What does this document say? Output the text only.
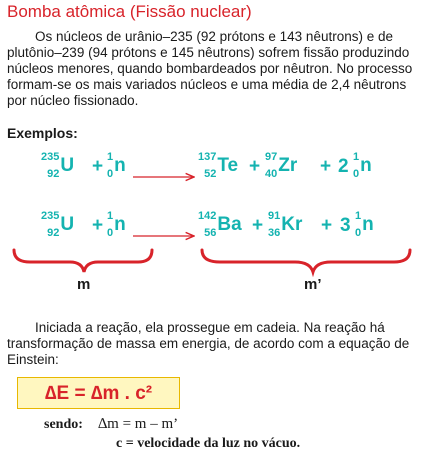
Bomba atômica (Fissão nuclear)
Os núcleos de urânio–235 (92 prótons e 143 nêutrons) e de plutônio–239 (94 prótons e 145 nêutrons) sofrem fissão produzindo núcleos menores, quando bombardeados por nêutron. No processo formam-se os mais variados núcleos e uma média de 2,4 nêutrons por núcleo fissionado.
Exemplos:
235
92 U + 1
0 n	137
52 Te + 97
40 Zr + 2 1
0 n
235
92 U + 1
0 n	142
56 Ba + 91
36 Kr + 3 1
0 n
m	m’
Iniciada a reação, ela prossegue em cadeia. Na reação há transformação de massa em energia, de acordo com a equação de Einstein:
∆E = ∆m . c²
sendo: ∆m = m – m’
c = velocidade da luz no vácuo.
